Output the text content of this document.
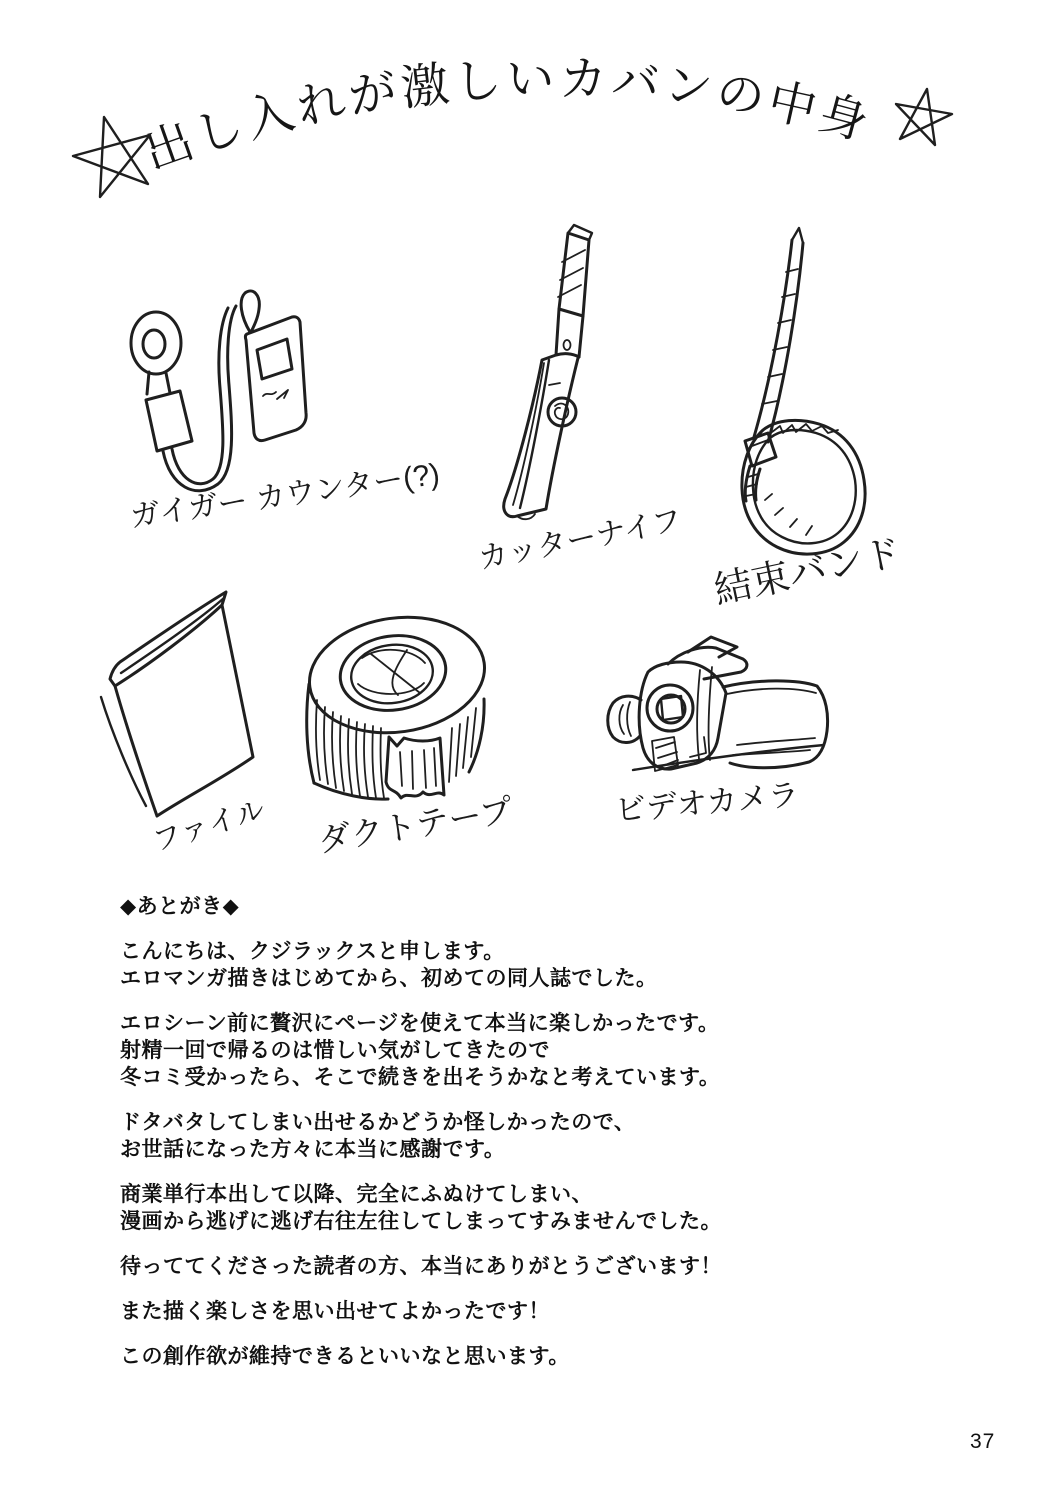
出し入れが激しいカバンの中身
ガイガー カウンター(?)
カッターナイフ 結束バンド
ファイル ダクトテープ	ビデオカメラ
◆あとがき◆
こんにちは、クジラックスと申します。
エロマンガ描きはじめてから、初めての同人誌でした。
エロシーン前に贅沢にページを使えて本当に楽しかったです。
射精一回で帰るのは惜しい気がしてきたので
冬コミ受かったら、そこで続きを出そうかなと考えています。
ドタバタしてしまい出せるかどうか怪しかったので、
お世話になった方々に本当に感謝です。
商業単行本出して以降、完全にふぬけてしまい、
漫画から逃げに逃げ右往左往してしまってすみませんでした。
待っててくださった読者の方、本当にありがとうございます！
また描く楽しさを思い出せてよかったです！
この創作欲が維持できるといいなと思います。
37
